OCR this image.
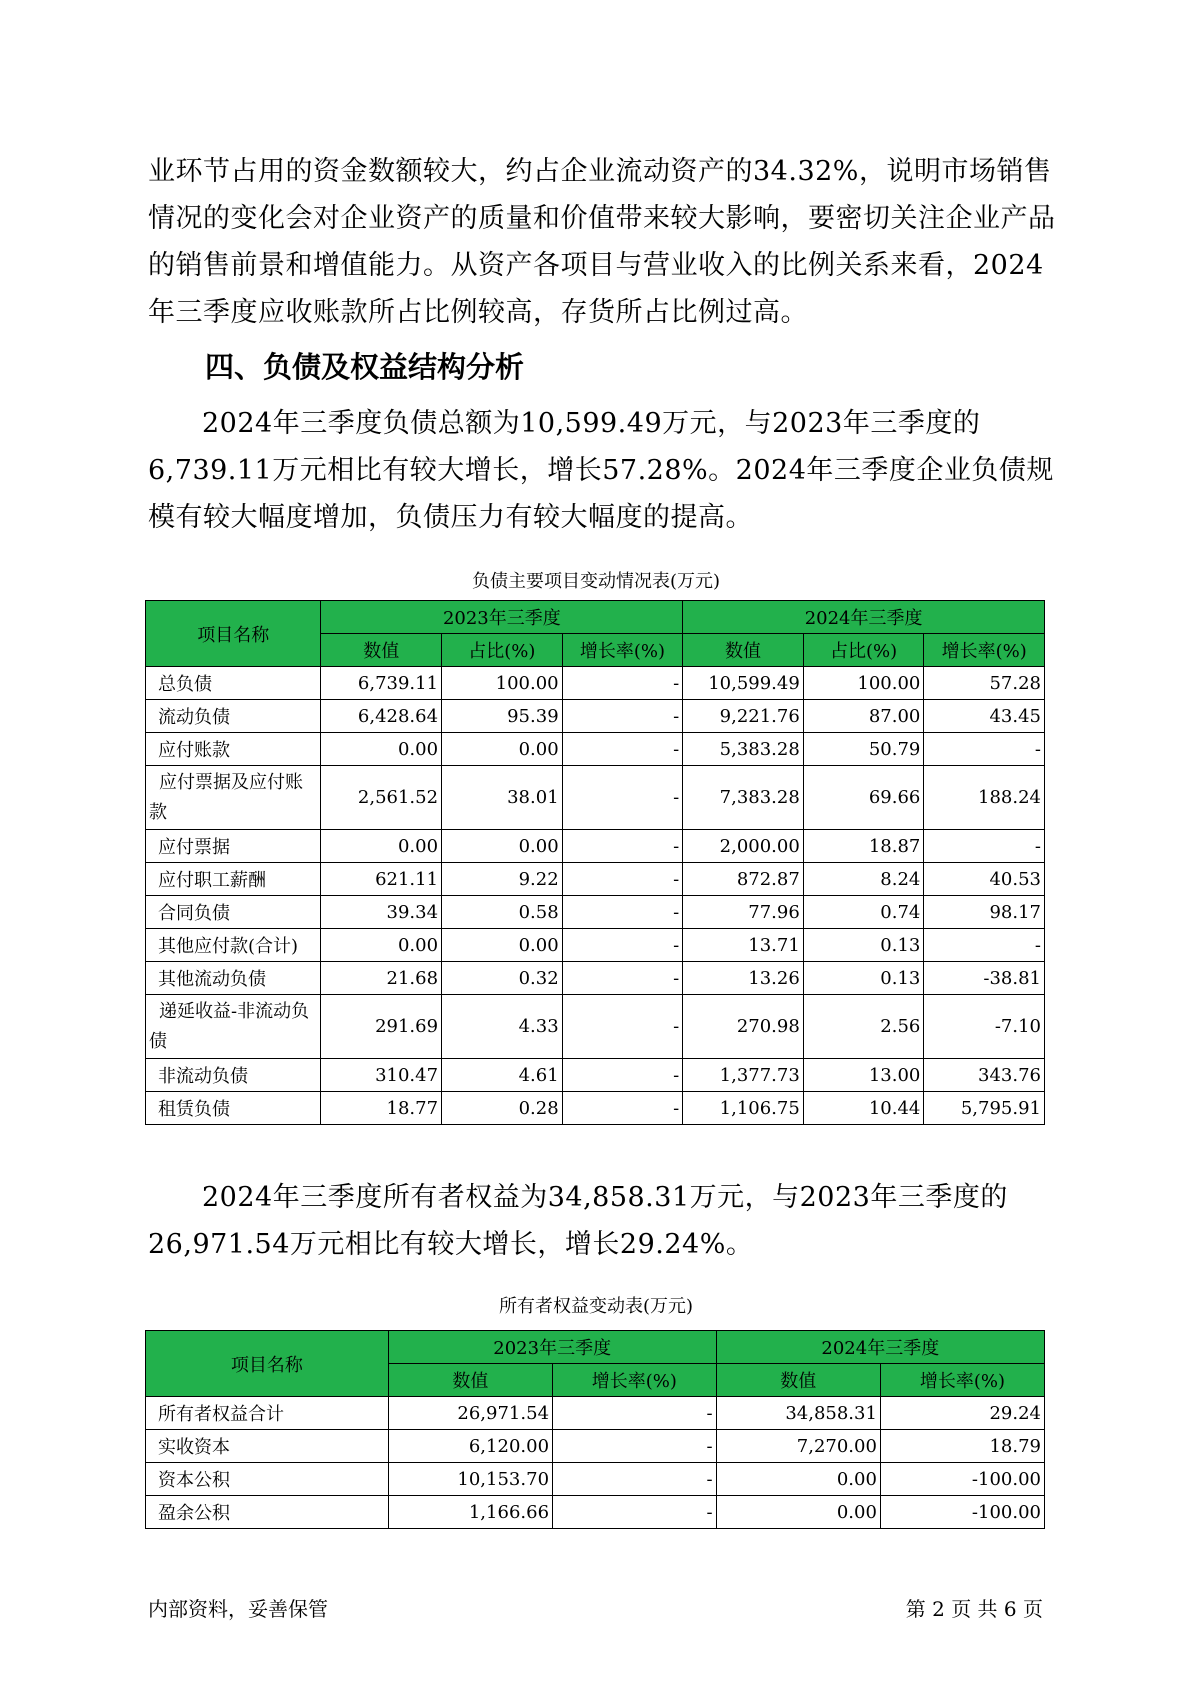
业环节占用的资金数额较大，约占企业流动资产的34.32%，说明市场销售情况的变化会对企业资产的质量和价值带来较大影响，要密切关注企业产品的销售前景和增值能力。从资产各项目与营业收入的比例关系来看，2024年三季度应收账款所占比例较高，存货所占比例过高。

四、负债及权益结构分析

2024年三季度负债总额为10,599.49万元，与2023年三季度的6,739.11万元相比有较大增长，增长57.28%。2024年三季度企业负债规模有较大幅度增加，负债压力有较大幅度的提高。

负债主要项目变动情况表(万元)
项目名称	2023年三季度			2024年三季度		
	数值	占比(%)	增长率(%)	数值	占比(%)	增长率(%)
总负债	6,739.11	100.00	-	10,599.49	100.00	57.28
流动负债	6,428.64	95.39	-	9,221.76	87.00	43.45
应付账款	0.00	0.00	-	5,383.28	50.79	-
应付票据及应付账款	2,561.52	38.01	-	7,383.28	69.66	188.24
应付票据	0.00	0.00	-	2,000.00	18.87	-
应付职工薪酬	621.11	9.22	-	872.87	8.24	40.53
合同负债	39.34	0.58	-	77.96	0.74	98.17
其他应付款(合计)	0.00	0.00	-	13.71	0.13	-
其他流动负债	21.68	0.32	-	13.26	0.13	-38.81
递延收益-非流动负债	291.69	4.33	-	270.98	2.56	-7.10
非流动负债	310.47	4.61	-	1,377.73	13.00	343.76
租赁负债	18.77	0.28	-	1,106.75	10.44	5,795.91

2024年三季度所有者权益为34,858.31万元，与2023年三季度的26,971.54万元相比有较大增长，增长29.24%。

所有者权益变动表(万元)
项目名称	2023年三季度		2024年三季度	
	数值	增长率(%)	数值	增长率(%)
所有者权益合计	26,971.54	-	34,858.31	29.24
实收资本	6,120.00	-	7,270.00	18.79
资本公积	10,153.70	-	0.00	-100.00
盈余公积	1,166.66	-	0.00	-100.00
内部资料，妥善保管	第 2 页 共 6 页
